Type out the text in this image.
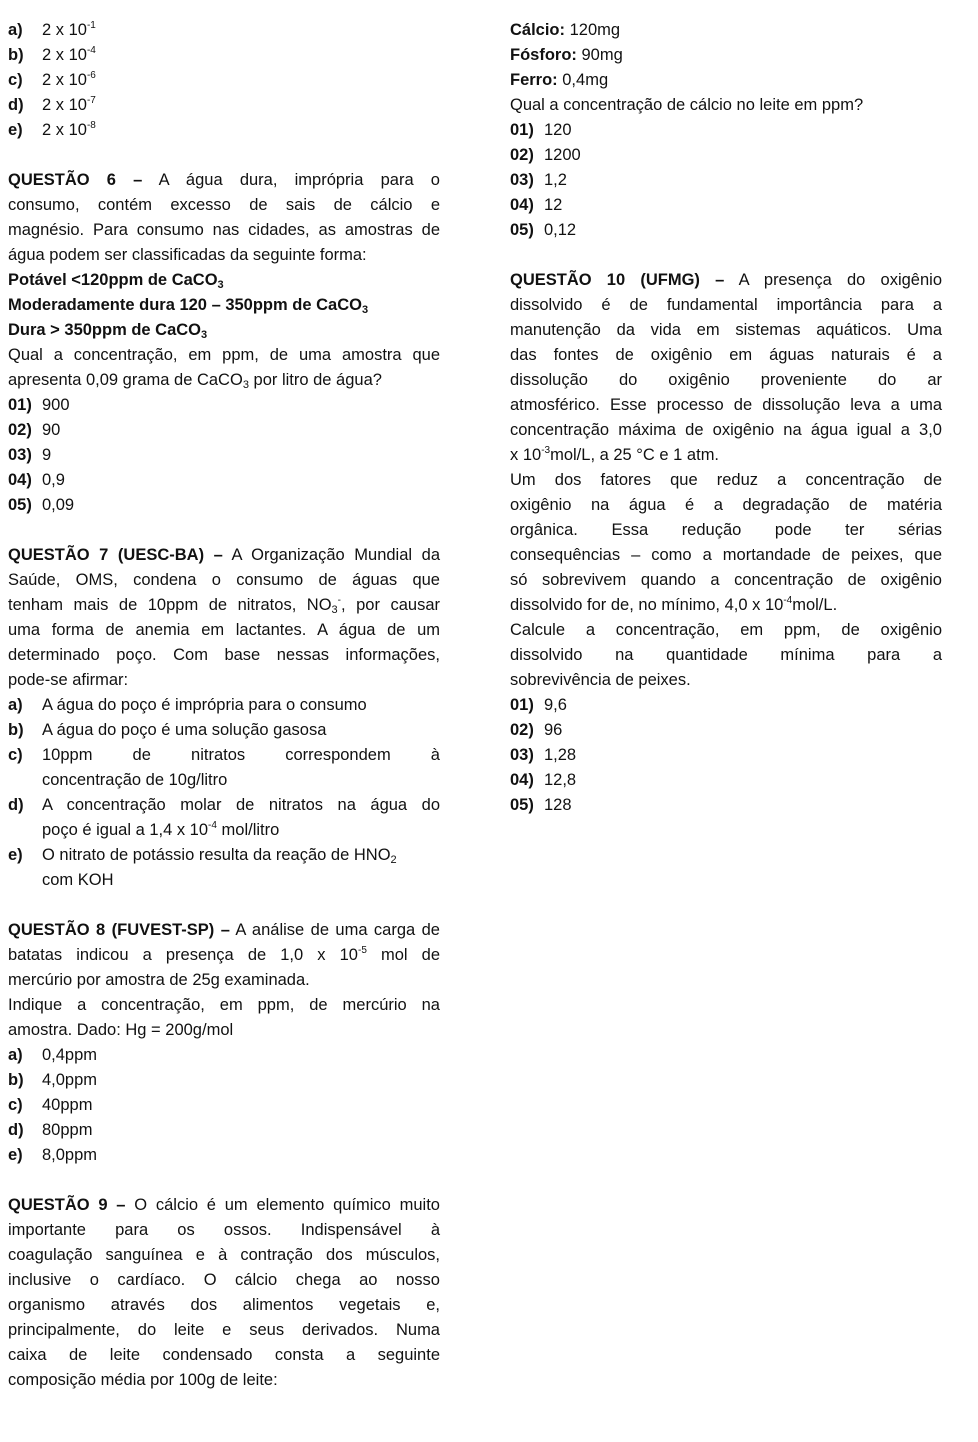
a)	2 x $10^{-1}$
b)	2 x $10^{-4}$
c)	2 x $10^{-6}$
d)	2 x $10^{-7}$
e)	2 x $10^{-8}$
QUESTÃO 6 – A água dura, imprópria para o
consumo, contém excesso de sais de cálcio e
magnésio. Para consumo nas cidades, as amostras de
água podem ser classificadas da seguinte forma:
Potável <120ppm de CaCO$_3$
Moderadamente dura 120 – 350ppm de CaCO$_3$
Dura > 350ppm de CaCO$_3$
Qual a concentração, em ppm, de uma amostra que
apresenta 0,09 grama de CaCO$_3$ por litro de água?
01) 900
02) 90
03) 9
04) 0,9
05) 0,09
QUESTÃO 7 (UESC-BA) – A Organização Mundial da
Saúde, OMS, condena o consumo de águas que
tenham mais de 10ppm de nitratos, $NO_3^-$, por causar
uma forma de anemia em lactantes. A água de um
determinado poço. Com base nessas informações,
pode-se afirmar:
a)	A água do poço é imprópria para o consumo
b)	A água do poço é uma solução gasosa
c)	10ppm de nitratos correspondem à
concentração de 10g/litro
d)	A concentração molar de nitratos na água do
poço é igual a 1,4 x $10^{-4}$ mol/litro
e)	O nitrato de potássio resulta da reação de $HNO_2$
com KOH
QUESTÃO 8 (FUVEST-SP) – A análise de uma carga de
batatas indicou a presença de 1,0 x $10^{-5}$ mol de
mercúrio por amostra de 25g examinada.
Indique a concentração, em ppm, de mercúrio na
amostra. Dado: Hg = 200g/mol
a)	0,4ppm
b)	4,0ppm
c)	40ppm
d)	80ppm
e)	8,0ppm
QUESTÃO 9 – O cálcio é um elemento químico muito
importante para os ossos. Indispensável à
coagulação sanguínea e à contração dos músculos,
inclusive o cardíaco. O cálcio chega ao nosso
organismo através dos alimentos vegetais e,
principalmente, do leite e seus derivados. Numa
caixa de leite condensado consta a seguinte
composição média por 100g de leite:
Cálcio: 120mg
Fósforo: 90mg
Ferro: 0,4mg
Qual a concentração de cálcio no leite em ppm?
01) 120
02) 1200
03) 1,2
04) 12
05) 0,12
QUESTÃO 10 (UFMG) – A presença do oxigênio
dissolvido é de fundamental importância para a
manutenção da vida em sistemas aquáticos. Uma
das fontes de oxigênio em águas naturais é a
dissolução do oxigênio proveniente do ar
atmosférico. Esse processo de dissolução leva a uma
concentração máxima de oxigênio na água igual a 3,0
x $10^{-3}mol/L$, a 25 °C e 1 atm.
Um dos fatores que reduz a concentração de
oxigênio na água é a degradação de matéria
orgânica. Essa redução pode ter sérias
consequências – como a mortandade de peixes, que
só sobrevivem quando a concentração de oxigênio
dissolvido for de, no mínimo, 4,0 x $10^{-4}mol/L$.
Calcule a concentração, em ppm, de oxigênio
dissolvido na quantidade mínima para a
sobrevivência de peixes.
01) 9,6
02) 96
03) 1,28
04) 12,8
05) 128
